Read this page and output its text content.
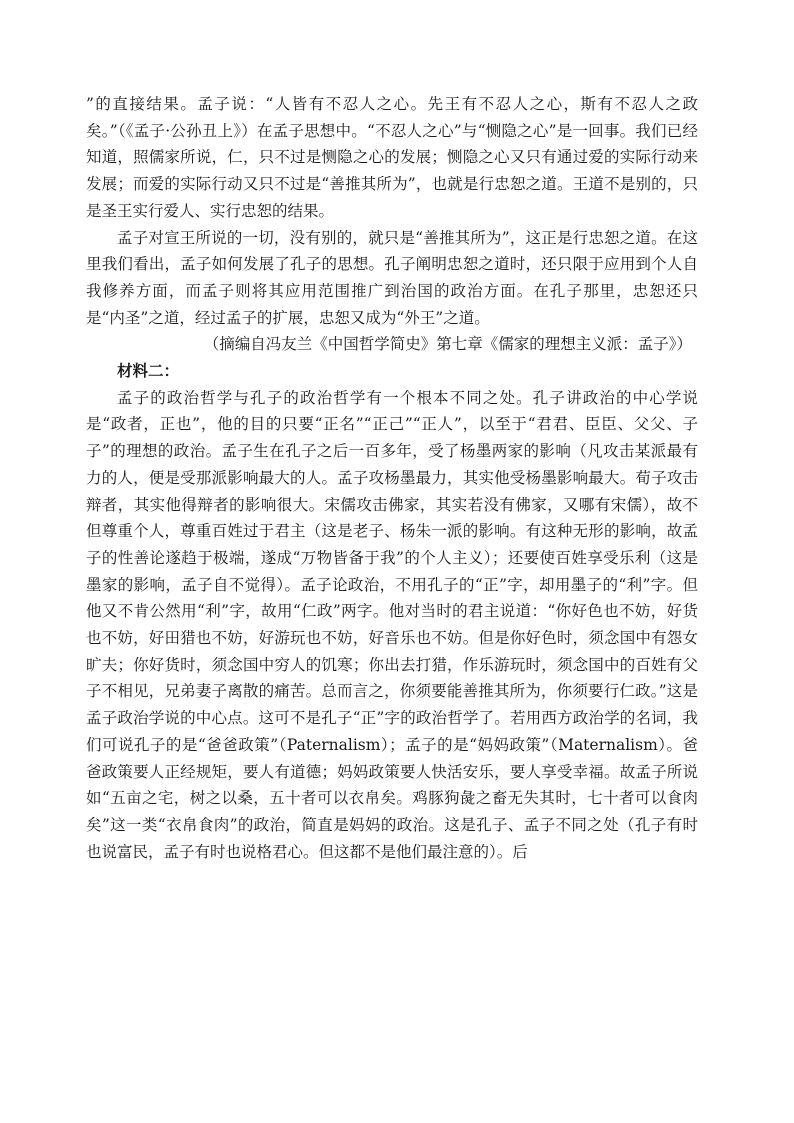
”的直接结果。孟子说：“人皆有不忍人之心。先王有不忍人之心，斯有不忍人之政矣。”（《孟子·公孙丑上》）在孟子思想中。“不忍人之心”与“恻隐之心”是一回事。我们已经知道，照儒家所说，仁，只不过是恻隐之心的发展；恻隐之心又只有通过爱的实际行动来发展；而爱的实际行动又只不过是“善推其所为”，也就是行忠恕之道。王道不是别的，只是圣王实行爱人、实行忠恕的结果。

孟子对宣王所说的一切，没有别的，就只是“善推其所为”，这正是行忠恕之道。在这里我们看出，孟子如何发展了孔子的思想。孔子阐明忠恕之道时，还只限于应用到个人自我修养方面，而孟子则将其应用范围推广到治国的政治方面。在孔子那里，忠恕还只是“内圣”之道，经过孟子的扩展，忠恕又成为“外王”之道。

（摘编自冯友兰《中国哲学简史》第七章《儒家的理想主义派：孟子》）

材料二：

孟子的政治哲学与孔子的政治哲学有一个根本不同之处。孔子讲政治的中心学说是“政者，正也”，他的目的只要“正名”“正己”“正人”，以至于“君君、臣臣、父父、子子”的理想的政治。孟子生在孔子之后一百多年，受了杨墨两家的影响（凡攻击某派最有力的人，便是受那派影响最大的人。孟子攻杨墨最力，其实他受杨墨影响最大。荀子攻击辩者，其实他得辩者的影响很大。宋儒攻击佛家，其实若没有佛家，又哪有宋儒），故不但尊重个人，尊重百姓过于君主（这是老子、杨朱一派的影响。有这种无形的影响，故孟子的性善论遂趋于极端，遂成“万物皆备于我”的个人主义）；还要使百姓享受乐利（这是墨家的影响，孟子自不觉得）。孟子论政治，不用孔子的“正”字，却用墨子的“利”字。但他又不肯公然用“利”字，故用“仁政”两字。他对当时的君主说道：“你好色也不妨，好货也不妨，好田猎也不妨，好游玩也不妨，好音乐也不妨。但是你好色时，须念国中有怨女旷夫；你好货时，须念国中穷人的饥寒；你出去打猎，作乐游玩时，须念国中的百姓有父子不相见，兄弟妻子离散的痛苦。总而言之，你须要能善推其所为，你须要行仁政。”这是孟子政治学说的中心点。这可不是孔子“正”字的政治哲学了。若用西方政治学的名词，我们可说孔子的是“爸爸政策”（Paternalism）；孟子的是“妈妈政策”（Maternalism）。爸爸政策要人正经规矩，要人有道德；妈妈政策要人快活安乐，要人享受幸福。故孟子所说如“五亩之宅，树之以桑，五十者可以衣帛矣。鸡豚狗彘之畜无失其时，七十者可以食肉矣”这一类“衣帛食肉”的政治，简直是妈妈的政治。这是孔子、孟子不同之处（孔子有时也说富民，孟子有时也说格君心。但这都不是他们最注意的）。后
